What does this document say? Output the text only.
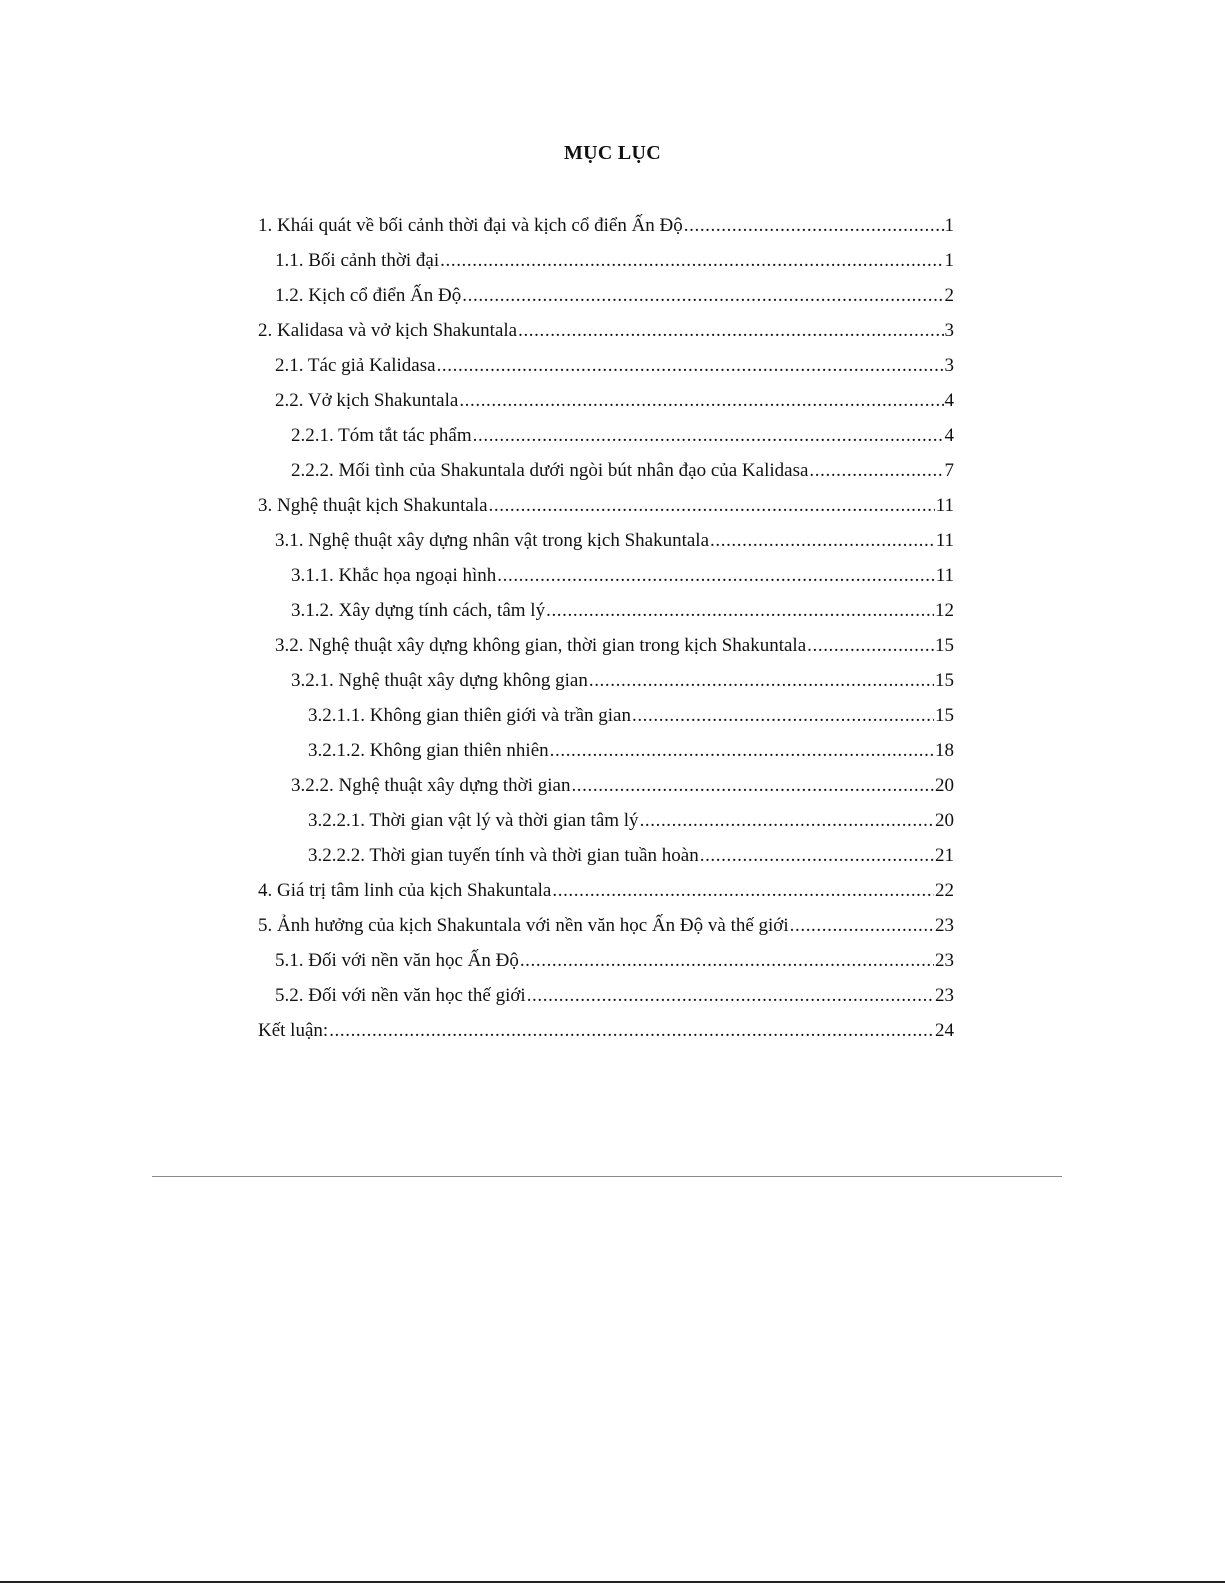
MỤC LỤC
1. Khái quát về bối cảnh thời đại và kịch cổ điển Ấn Độ .....	1
1.1. Bối cảnh thời đại .....	1
1.2. Kịch cổ điển Ấn Độ .....	2
2. Kalidasa và vở kịch Shakuntala .....	3
2.1. Tác giả Kalidasa .....	3
2.2. Vở kịch Shakuntala .....	4
2.2.1. Tóm tắt tác phẩm .....	4
2.2.2. Mối tình của Shakuntala dưới ngòi bút nhân đạo của Kalidasa .....	7
3. Nghệ thuật kịch Shakuntala .....	11
3.1. Nghệ thuật xây dựng nhân vật trong kịch Shakuntala .....	11
3.1.1. Khắc họa ngoại hình .....	11
3.1.2. Xây dựng tính cách, tâm lý .....	12
3.2. Nghệ thuật xây dựng không gian, thời gian trong kịch Shakuntala .....	15
3.2.1. Nghệ thuật xây dựng không gian .....	15
3.2.1.1. Không gian thiên giới và trần gian .....	15
3.2.1.2. Không gian thiên nhiên .....	18
3.2.2. Nghệ thuật xây dựng thời gian .....	20
3.2.2.1. Thời gian vật lý và thời gian tâm lý .....	20
3.2.2.2. Thời gian tuyến tính và thời gian tuần hoàn .....	21
4. Giá trị tâm linh của kịch Shakuntala .....	22
5. Ảnh hưởng của kịch Shakuntala với nền văn học Ấn Độ và thế giới .....	23
5.1. Đối với nền văn học Ấn Độ .....	23
5.2. Đối với nền văn học thế giới .....	23
Kết luận: .....	24
